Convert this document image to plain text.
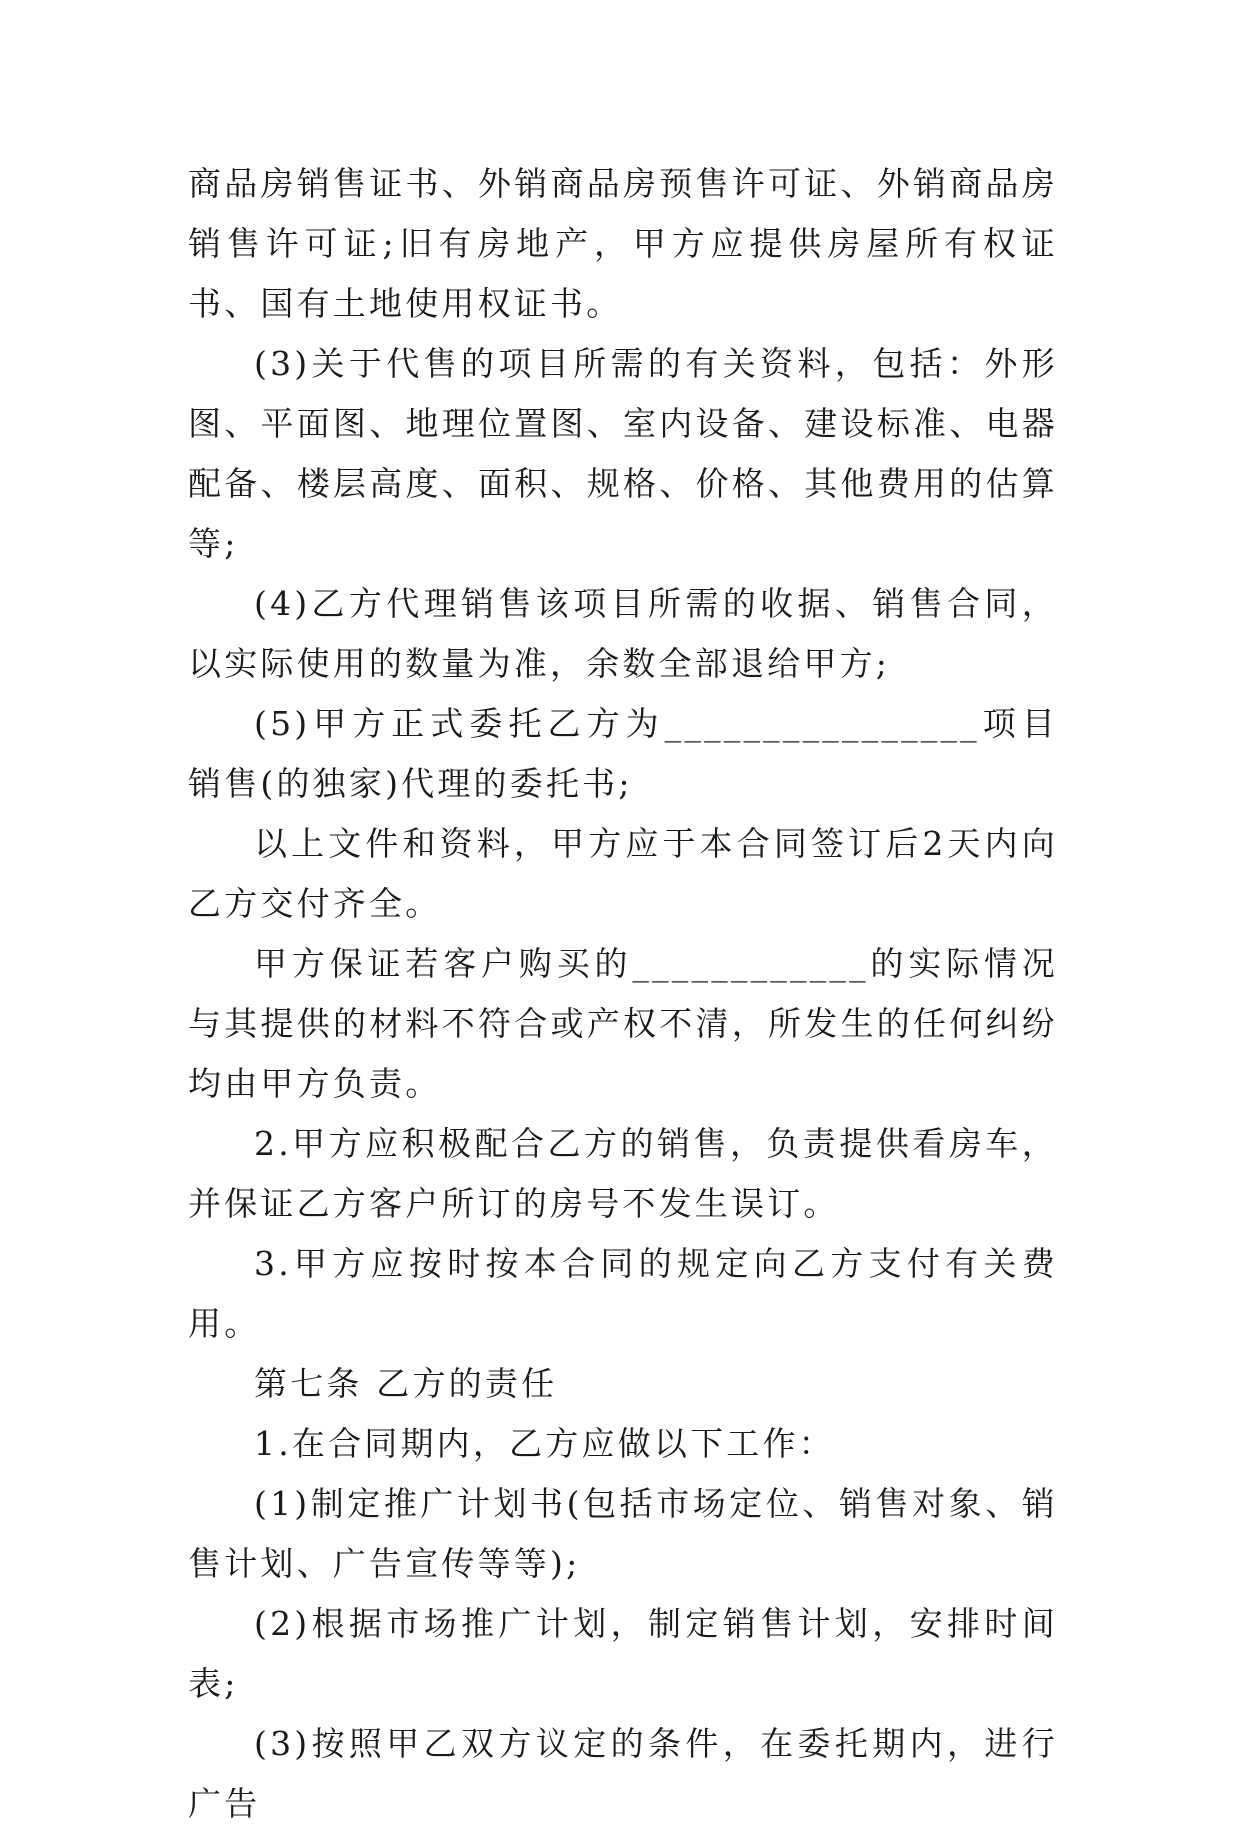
商品房销售证书、外销商品房预售许可证、外销商品房销售许可证;旧有房地产，甲方应提供房屋所有权证书、国有土地使用权证书。

(3)关于代售的项目所需的有关资料，包括：外形图、平面图、地理位置图、室内设备、建设标准、电器配备、楼层高度、面积、规格、价格、其他费用的估算等;

(4)乙方代理销售该项目所需的收据、销售合同，以实际使用的数量为准，余数全部退给甲方;

(5)甲方正式委托乙方为________________项目销售(的独家)代理的委托书;

以上文件和资料，甲方应于本合同签订后2天内向乙方交付齐全。

甲方保证若客户购买的____________的实际情况与其提供的材料不符合或产权不清，所发生的任何纠纷均由甲方负责。

2.甲方应积极配合乙方的销售，负责提供看房车，并保证乙方客户所订的房号不发生误订。

3.甲方应按时按本合同的规定向乙方支付有关费用。

第七条 乙方的责任

1.在合同期内，乙方应做以下工作：

(1)制定推广计划书(包括市场定位、销售对象、销售计划、广告宣传等等);

(2)根据市场推广计划，制定销售计划，安排时间表;

(3)按照甲乙双方议定的条件，在委托期内，进行广告
